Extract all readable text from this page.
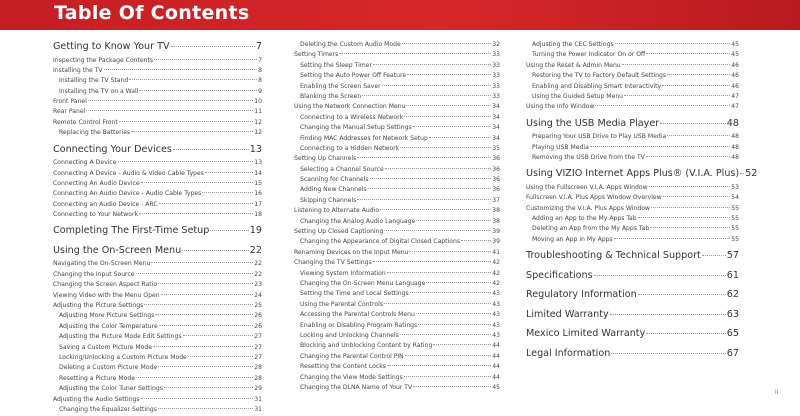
Table Of Contents
Getting to Know Your TV	7
Inspecting the Package Contents	7
Installing the TV	8
Installing the TV Stand	8
Installing the TV on a Wall	9
Front Panel	10
Rear Panel	11
Remote Control Front	12
Replacing the Batteries	12
Connecting Your Devices	13
Connecting A Device	13
Connecting A Device - Audio & Video Cable Types	14
Connecting An Audio Device	15
Connecting An Audio Device - Audio Cable Types	16
Connecting an Audio Device - ARC	17
Connecting to Your Network	18
Completing The First-Time Setup	19
Using the On-Screen Menu	22
Navigating the On-Screen Menu	22
Changing the Input Source	22
Changing the Screen Aspect Ratio	23
Viewing Video with the Menu Open	24
Adjusting the Picture Settings	25
Adjusting More Picture Settings	26
Adjusting the Color Temperature	26
Adjusting the Picture Mode Edit Settings	27
Saving a Custom Picture Mode	27
Locking/Unlocking a Custom Picture Mode	27
Deleting a Custom Picture Mode	28
Resetting a Picture Mode	28
Adjusting the Color Tuner Settings	29
Adjusting the Audio Settings	31
Changing the Equalizer Settings	31
Deleting the Custom Audio Mode	32
Setting Timers	33
Setting the Sleep Timer	33
Setting the Auto Power Off Feature	33
Enabling the Screen Saver	33
Blanking the Screen	33
Using the Network Connection Menu	34
Connecting to a Wireless Network	34
Changing the Manual Setup Settings	34
Finding MAC Addresses for Network Setup	34
Connecting to a Hidden Network	35
Setting Up Channels	36
Selecting a Channel Source	36
Scanning for Channels	36
Adding New Channels	36
Skipping Channels	37
Listening to Alternate Audio	38
Changing the Analog Audio Language	38
Setting Up Closed Captioning	39
Changing the Appearance of Digital Closed Captions	39
Renaming Devices on the Input Menu	41
Changing the TV Settings	42
Viewing System Information	42
Changing the On-Screen Menu Language	42
Setting the Time and Local Settings	43
Using the Parental Controls	43
Accessing the Parental Controls Menu	43
Enabling or Disabling Program Ratings	43
Locking and Unlocking Channels	43
Blocking and Unblocking Content by Rating	44
Changing the Parental Control PIN	44
Resetting the Content Locks	44
Changing the View Mode Settings	44
Changing the DLNA Name of Your TV	45
Adjusting the CEC Settings	45
Turning the Power Indicator On or Off	45
Using the Reset & Admin Menu	46
Restoring the TV to Factory Default Settings	46
Enabling and Disabling Smart Interactivity	46
Using the Guided Setup Menu	47
Using the Info Window	47
Using the USB Media Player	48
Preparing Your USB Drive to Play USB Media	48
Playing USB Media	48
Removing the USB Drive from the TV	48
Using VIZIO Internet Apps Plus® (V.I.A. Plus) 52
Using the Fullscreen V.I.A. Apps Window	53
Fullscreen V.I.A. Plus Apps Window Overview	54
Customizing the V.I.A. Plus Apps Window	55
Adding an App to the My Apps Tab	55
Deleting an App from the My Apps Tab	55
Moving an App in My Apps	55
Troubleshooting & Technical Support	57
Specifications	61
Regulatory Information	62
Limited Warranty	63
Mexico Limited Warranty	65
Legal Information	67
ii
